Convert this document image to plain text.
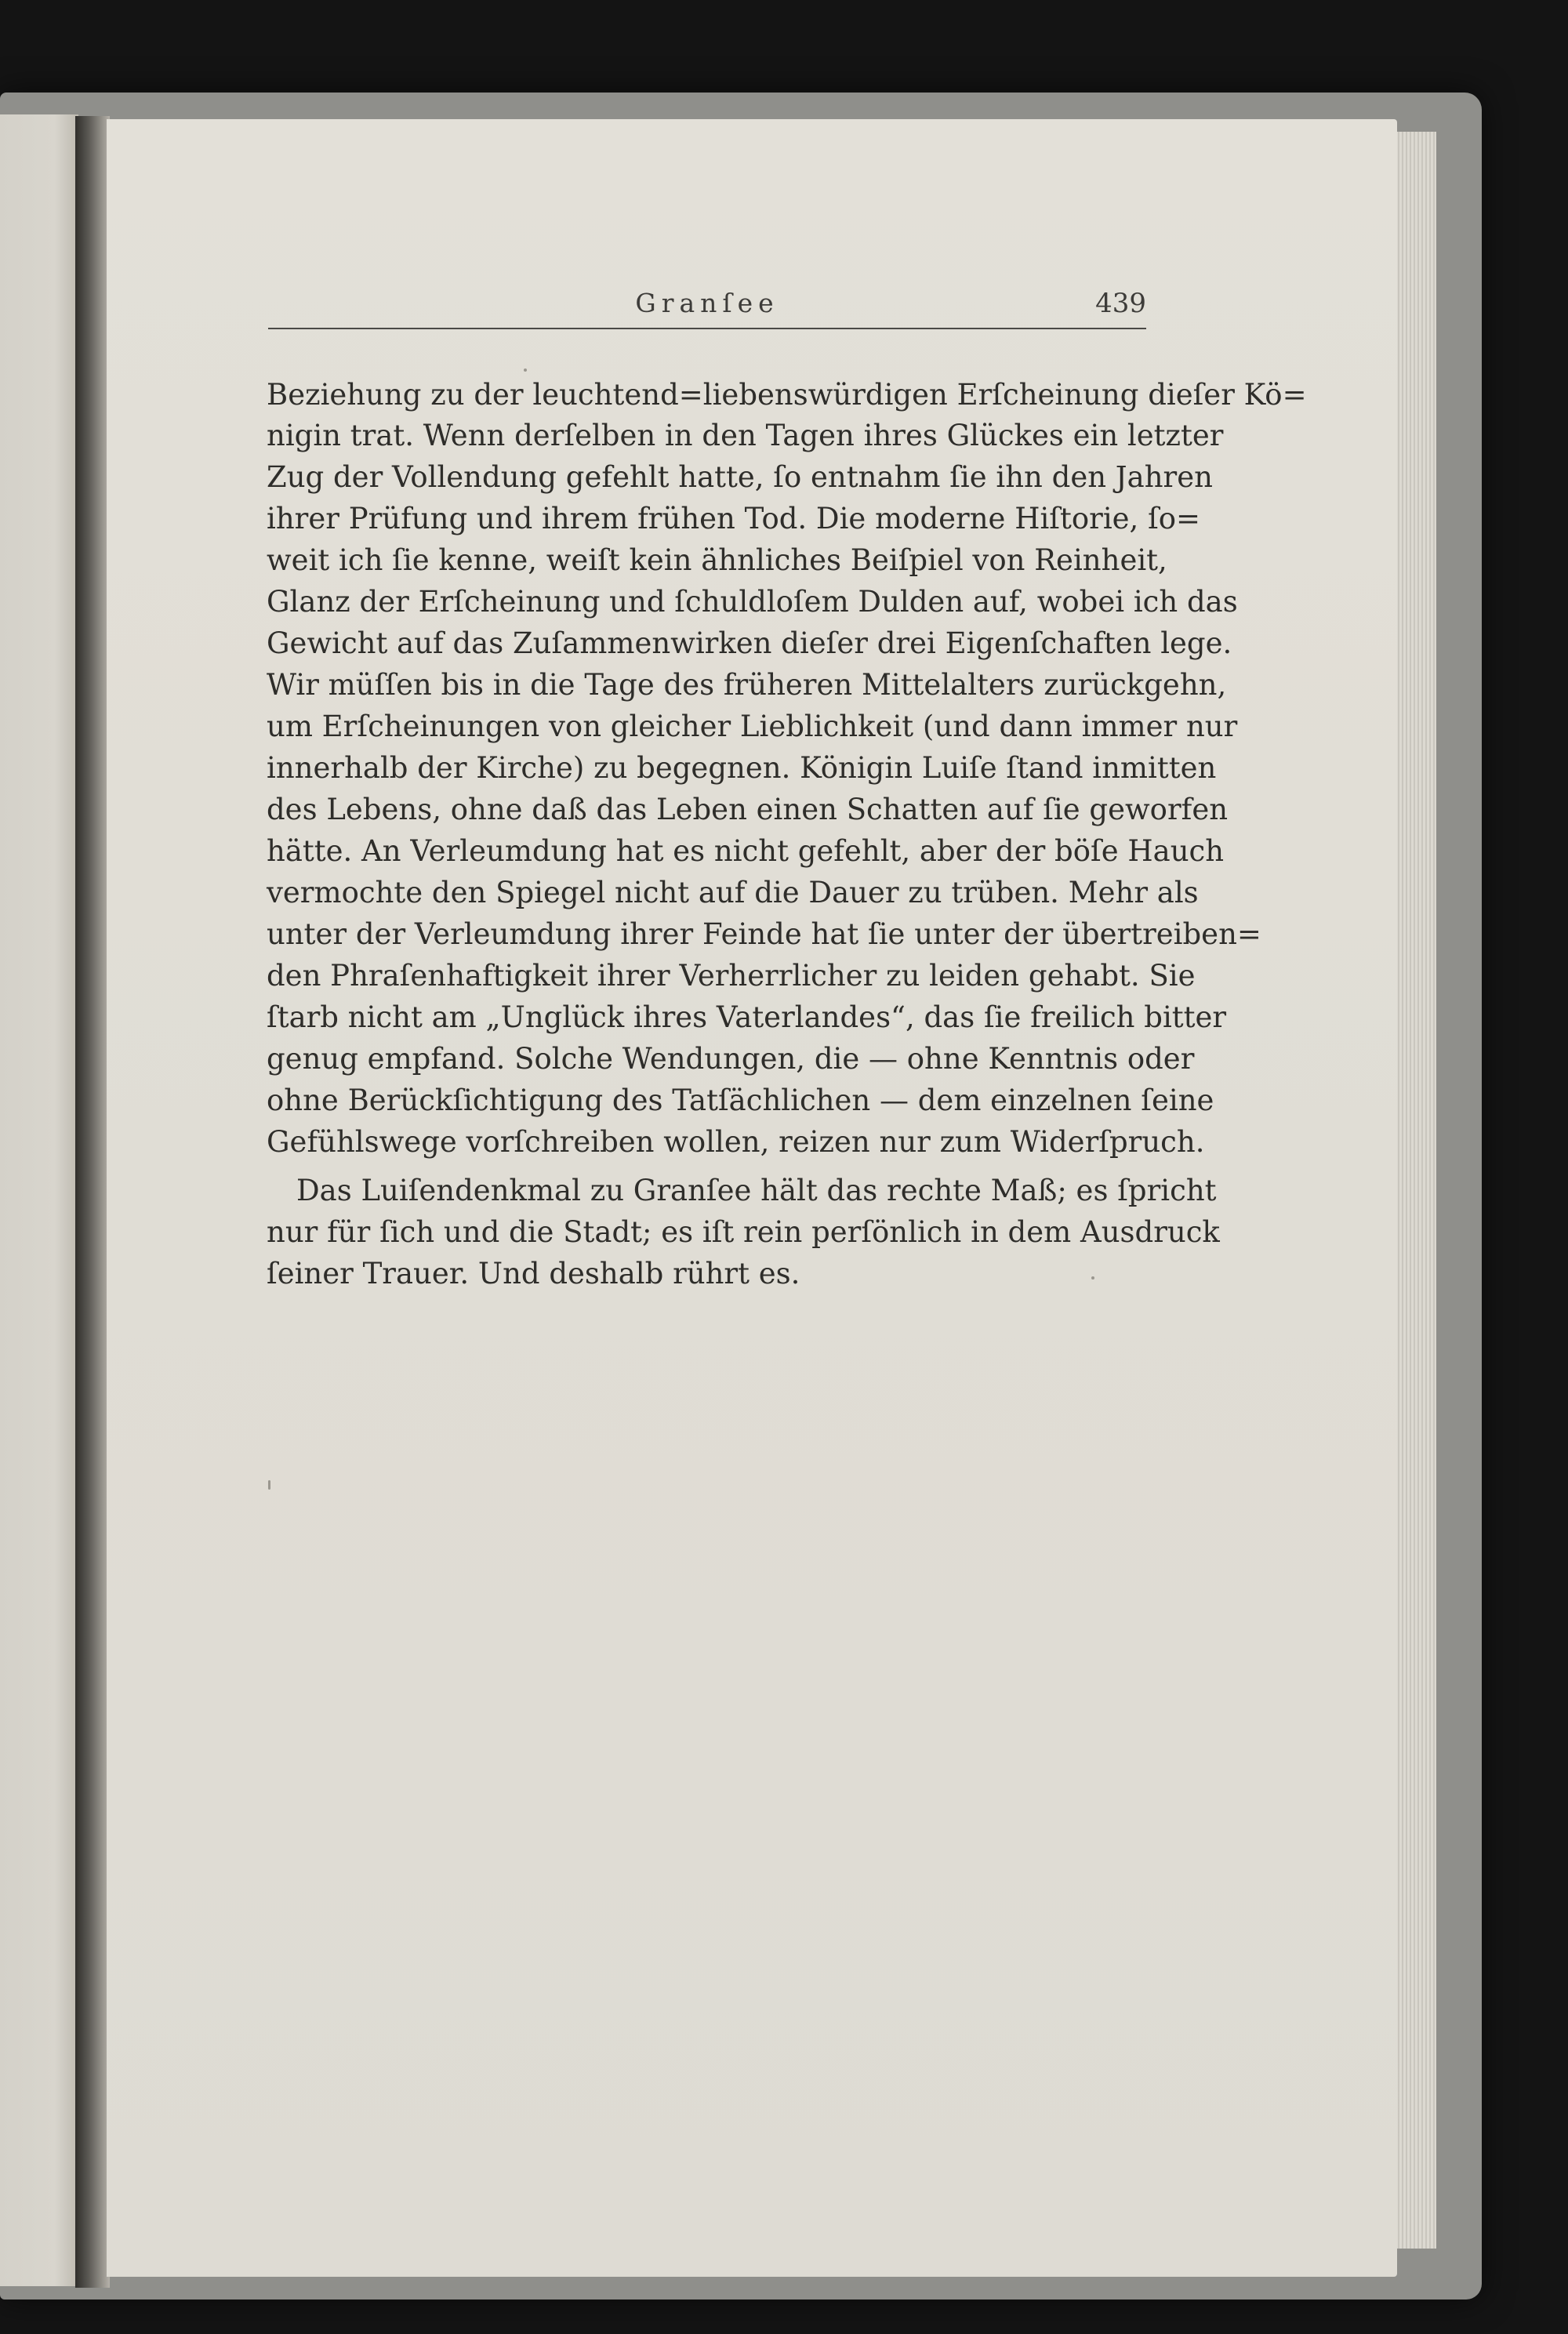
Granſee	439
Beziehung zu der leuchtend=liebenswürdigen Erſcheinung dieſer Kö=
nigin trat. Wenn derſelben in den Tagen ihres Glückes ein letzter
Zug der Vollendung gefehlt hatte, ſo entnahm ſie ihn den Jahren
ihrer Prüfung und ihrem frühen Tod. Die moderne Hiſtorie, ſo=
weit ich ſie kenne, weiſt kein ähnliches Beiſpiel von Reinheit,
Glanz der Erſcheinung und ſchuldloſem Dulden auf, wobei ich das
Gewicht auf das Zuſammenwirken dieſer drei Eigenſchaften lege.
Wir müſſen bis in die Tage des früheren Mittelalters zurückgehn,
um Erſcheinungen von gleicher Lieblichkeit (und dann immer nur
innerhalb der Kirche) zu begegnen. Königin Luiſe ſtand inmitten
des Lebens, ohne daß das Leben einen Schatten auf ſie geworfen
hätte. An Verleumdung hat es nicht gefehlt, aber der böſe Hauch
vermochte den Spiegel nicht auf die Dauer zu trüben. Mehr als
unter der Verleumdung ihrer Feinde hat ſie unter der übertreiben=
den Phraſenhaftigkeit ihrer Verherrlicher zu leiden gehabt. Sie
ſtarb nicht am „Unglück ihres Vaterlandes“, das ſie freilich bitter
genug empfand. Solche Wendungen, die — ohne Kenntnis oder
ohne Berückſichtigung des Tatſächlichen — dem einzelnen ſeine
Gefühlswege vorſchreiben wollen, reizen nur zum Widerſpruch.
Das Luiſendenkmal zu Granſee hält das rechte Maß; es ſpricht
nur für ſich und die Stadt; es iſt rein perſönlich in dem Ausdruck
ſeiner Trauer. Und deshalb rührt es.
